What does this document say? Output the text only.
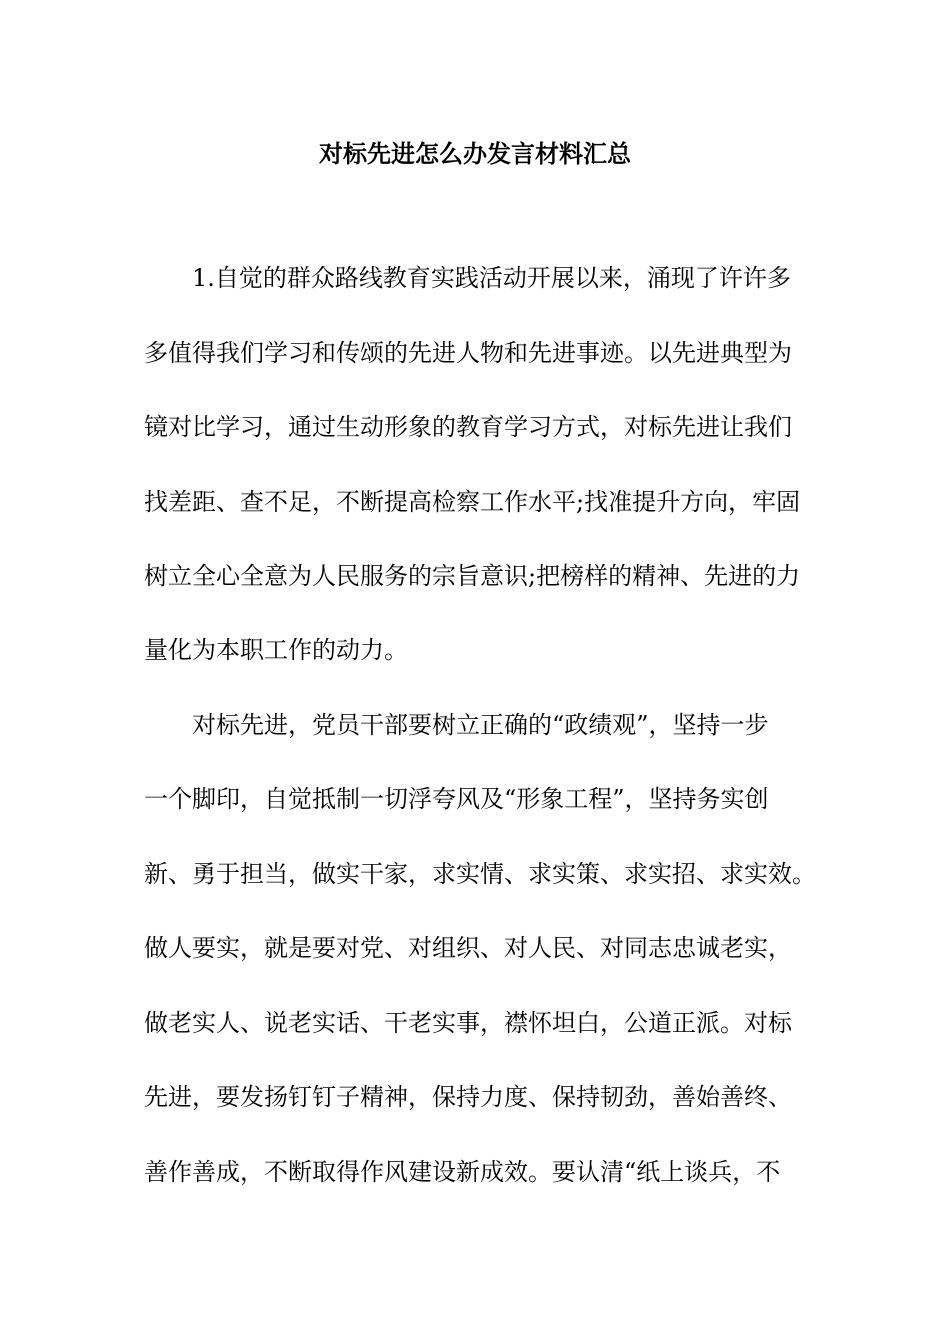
对标先进怎么办发言材料汇总

1.自觉的群众路线教育实践活动开展以来，涌现了许许多

多值得我们学习和传颂的先进人物和先进事迹。以先进典型为

镜对比学习，通过生动形象的教育学习方式，对标先进让我们

找差距、查不足，不断提高检察工作水平;找准提升方向，牢固

树立全心全意为人民服务的宗旨意识;把榜样的精神、先进的力

量化为本职工作的动力。

对标先进，党员干部要树立正确的“政绩观”，坚持一步

一个脚印，自觉抵制一切浮夸风及“形象工程”，坚持务实创

新、勇于担当，做实干家，求实情、求实策、求实招、求实效。

做人要实，就是要对党、对组织、对人民、对同志忠诚老实，

做老实人、说老实话、干老实事，襟怀坦白，公道正派。对标

先进，要发扬钉钉子精神，保持力度、保持韧劲，善始善终、

善作善成，不断取得作风建设新成效。要认清“纸上谈兵，不
